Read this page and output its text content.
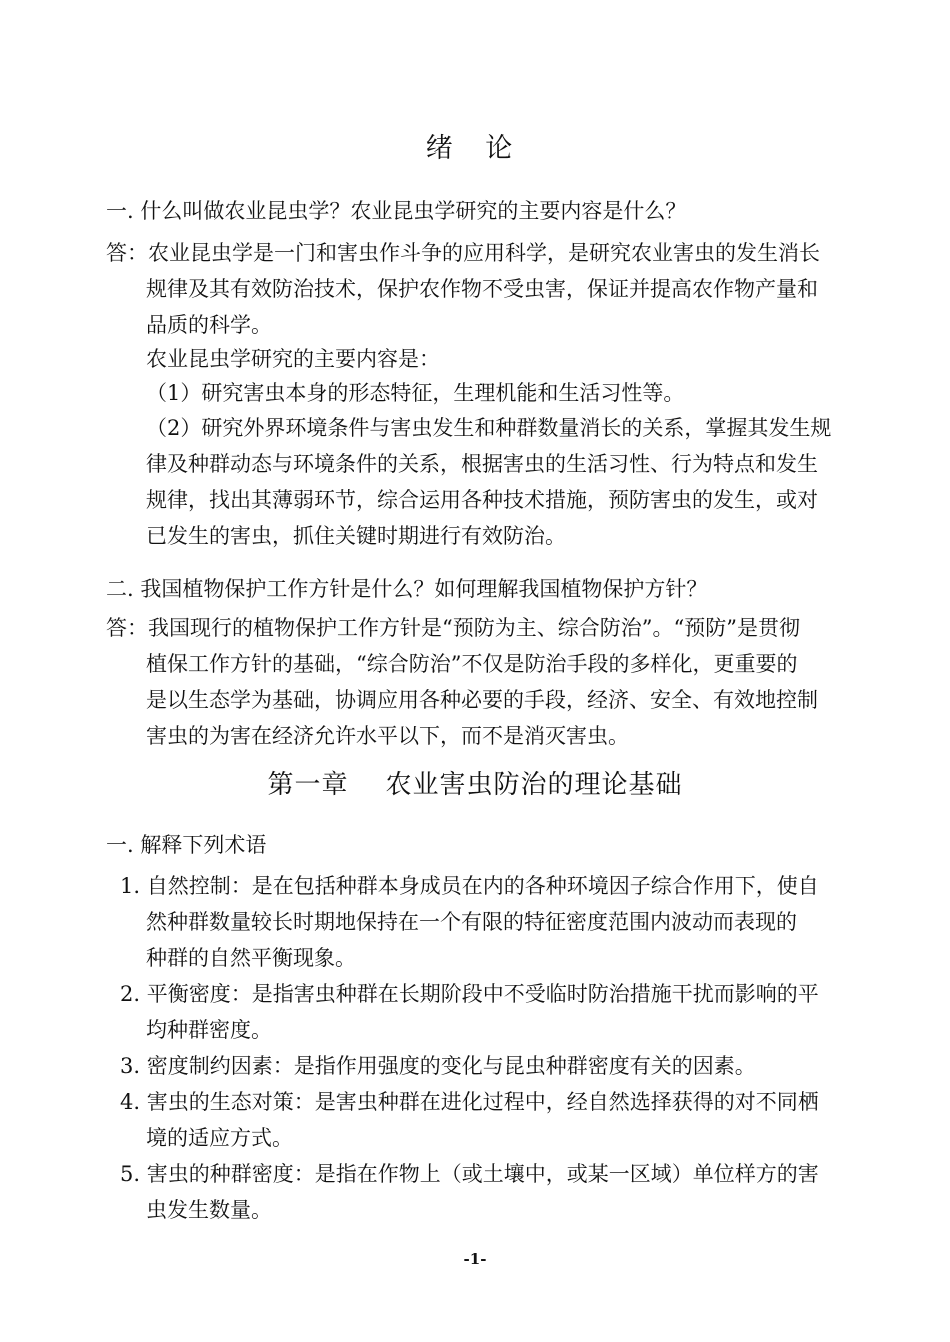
绪 论
一. 什么叫做农业昆虫学？农业昆虫学研究的主要内容是什么？
答：农业昆虫学是一门和害虫作斗争的应用科学，是研究农业害虫的发生消长
规律及其有效防治技术，保护农作物不受虫害，保证并提高农作物产量和
品质的科学。
农业昆虫学研究的主要内容是：
（1）研究害虫本身的形态特征，生理机能和生活习性等。
（2）研究外界环境条件与害虫发生和种群数量消长的关系，掌握其发生规
律及种群动态与环境条件的关系，根据害虫的生活习性、行为特点和发生
规律，找出其薄弱环节，综合运用各种技术措施，预防害虫的发生，或对
已发生的害虫，抓住关键时期进行有效防治。
二. 我国植物保护工作方针是什么？如何理解我国植物保护方针？
答：我国现行的植物保护工作方针是“预防为主、综合防治”。“预防”是贯彻
植保工作方针的基础，“综合防治”不仅是防治手段的多样化，更重要的
是以生态学为基础，协调应用各种必要的手段，经济、安全、有效地控制
害虫的为害在经济允许水平以下，而不是消灭害虫。
第一章    农业害虫防治的理论基础
一. 解释下列术语
1. 自然控制：是在包括种群本身成员在内的各种环境因子综合作用下，使自
然种群数量较长时期地保持在一个有限的特征密度范围内波动而表现的
种群的自然平衡现象。
2. 平衡密度：是指害虫种群在长期阶段中不受临时防治措施干扰而影响的平
均种群密度。
3. 密度制约因素：是指作用强度的变化与昆虫种群密度有关的因素。
4. 害虫的生态对策：是害虫种群在进化过程中，经自然选择获得的对不同栖
境的适应方式。
5. 害虫的种群密度：是指在作物上（或土壤中，或某一区域）单位样方的害
虫发生数量。
-1-
